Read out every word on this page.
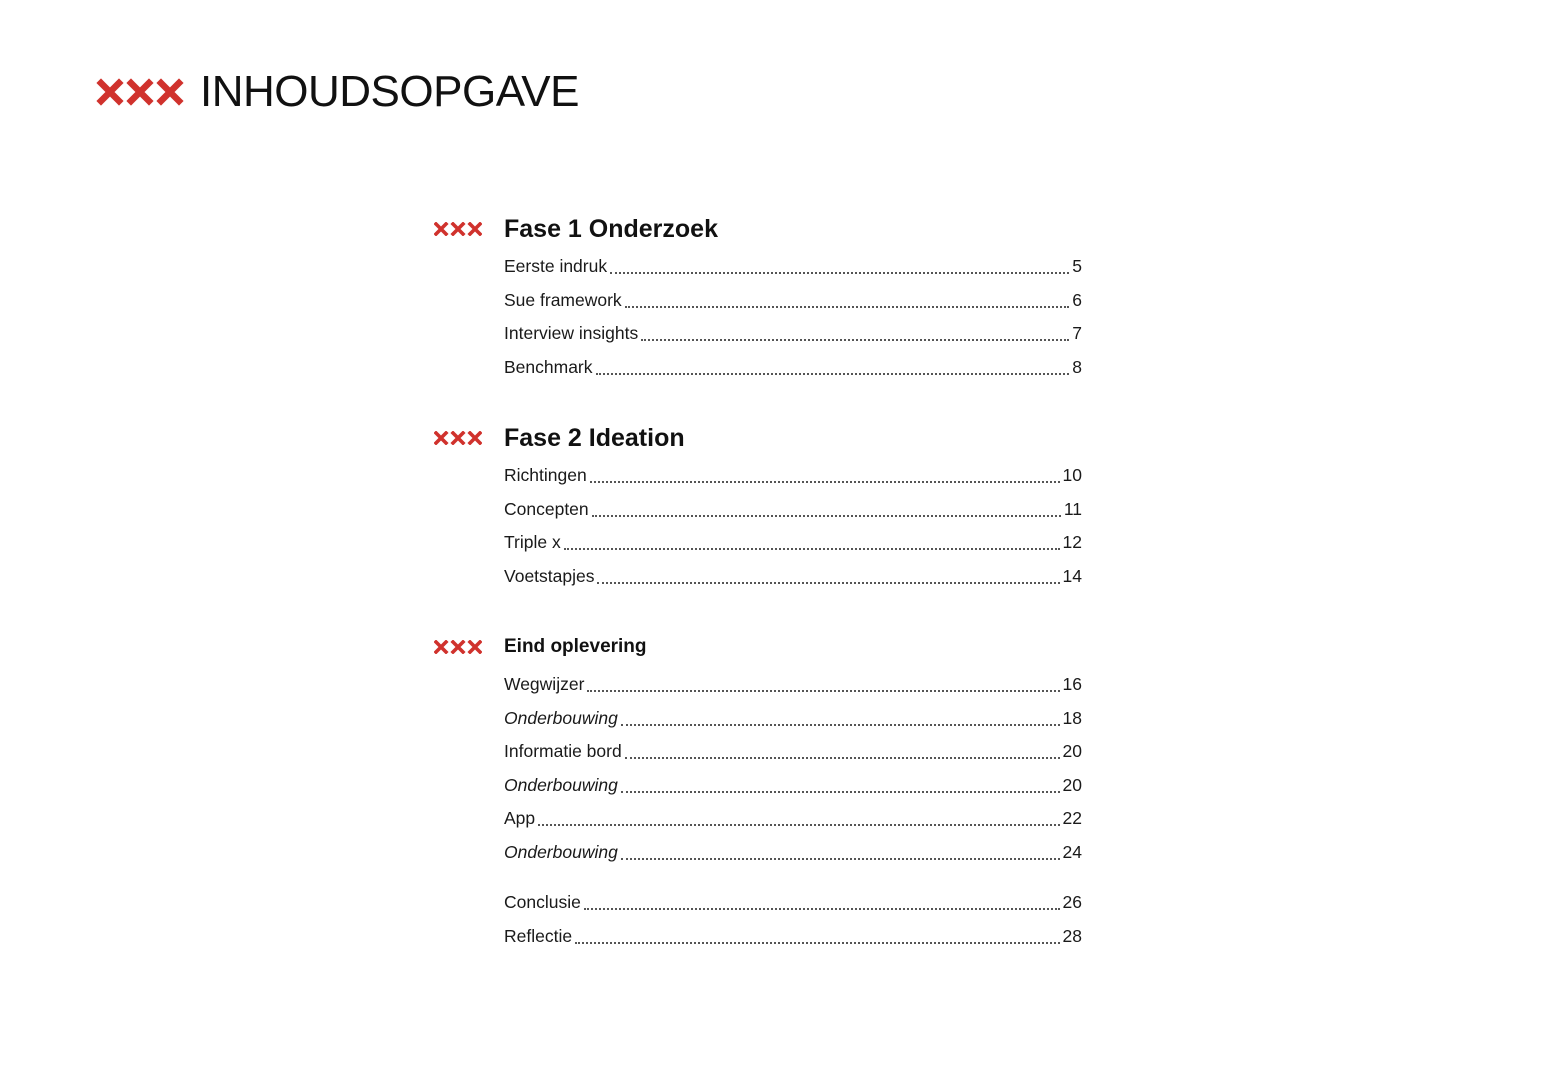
INHOUDSOPGAVE
Fase 1 Onderzoek
Eerste indruk	5
Sue framework	6
Interview insights	7
Benchmark	8
Fase 2 Ideation
Richtingen	10
Concepten	11
Triple x	12
Voetstapjes	14
Eind oplevering
Wegwijzer	16
Onderbouwing	18
Informatie bord	20
Onderbouwing	20
App	22
Onderbouwing	24
Conclusie	26
Reflectie	28
